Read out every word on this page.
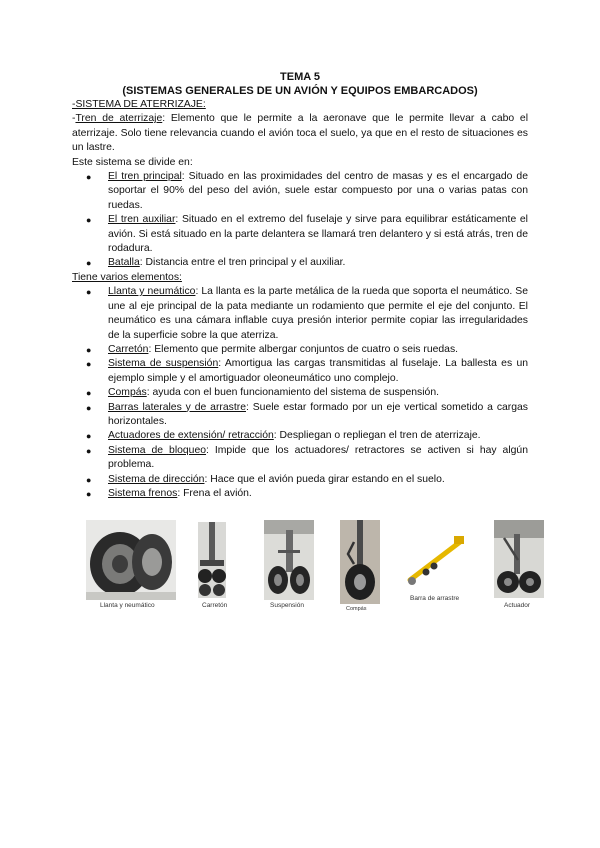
TEMA 5
(SISTEMAS GENERALES DE UN AVIÓN Y EQUIPOS EMBARCADOS)

-SISTEMA DE ATERRIZAJE:

-Tren de aterrizaje: Elemento que le permite a la aeronave que le permite llevar a cabo el aterrizaje. Solo tiene relevancia cuando el avión toca el suelo, ya que en el resto de situaciones es un lastre.

Este sistema se divide en:

● El tren principal: Situado en las proximidades del centro de masas y es el encargado de soportar el 90% del peso del avión, suele estar compuesto por una o varias patas con ruedas.
● El tren auxiliar: Situado en el extremo del fuselaje y sirve para equilibrar estáticamente el avión. Si está situado en la parte delantera se llamará tren delantero y si está atrás, tren de rodadura.
● Batalla: Distancia entre el tren principal y el auxiliar.

Tiene varios elementos:

● Llanta y neumático: La llanta es la parte metálica de la rueda que soporta el neumático. Se une al eje principal de la pata mediante un rodamiento que permite el eje del conjunto. El neumático es una cámara inflable cuya presión interior permite copiar las irregularidades de la superficie sobre la que aterriza.
● Carretón: Elemento que permite albergar conjuntos de cuatro o seis ruedas.
● Sistema de suspensión: Amortigua las cargas transmitidas al fuselaje. La ballesta es un ejemplo simple y el amortiguador oleoneumático uno complejo.
● Compás: ayuda con el buen funcionamiento del sistema de suspensión.
● Barras laterales y de arrastre: Suele estar formado por un eje vertical sometido a cargas horizontales.
● Actuadores de extensión/ retracción: Despliegan o repliegan el tren de aterrizaje.
● Sistema de bloqueo: Impide que los actuadores/ retractores se activen si hay algún problema.
● Sistema de dirección: Hace que el avión pueda girar estando en el suelo.
● Sistema frenos: Frena el avión.
Llanta y neumático	Carretón	Suspensión	Compás
Barra de arrastre
Actuador
